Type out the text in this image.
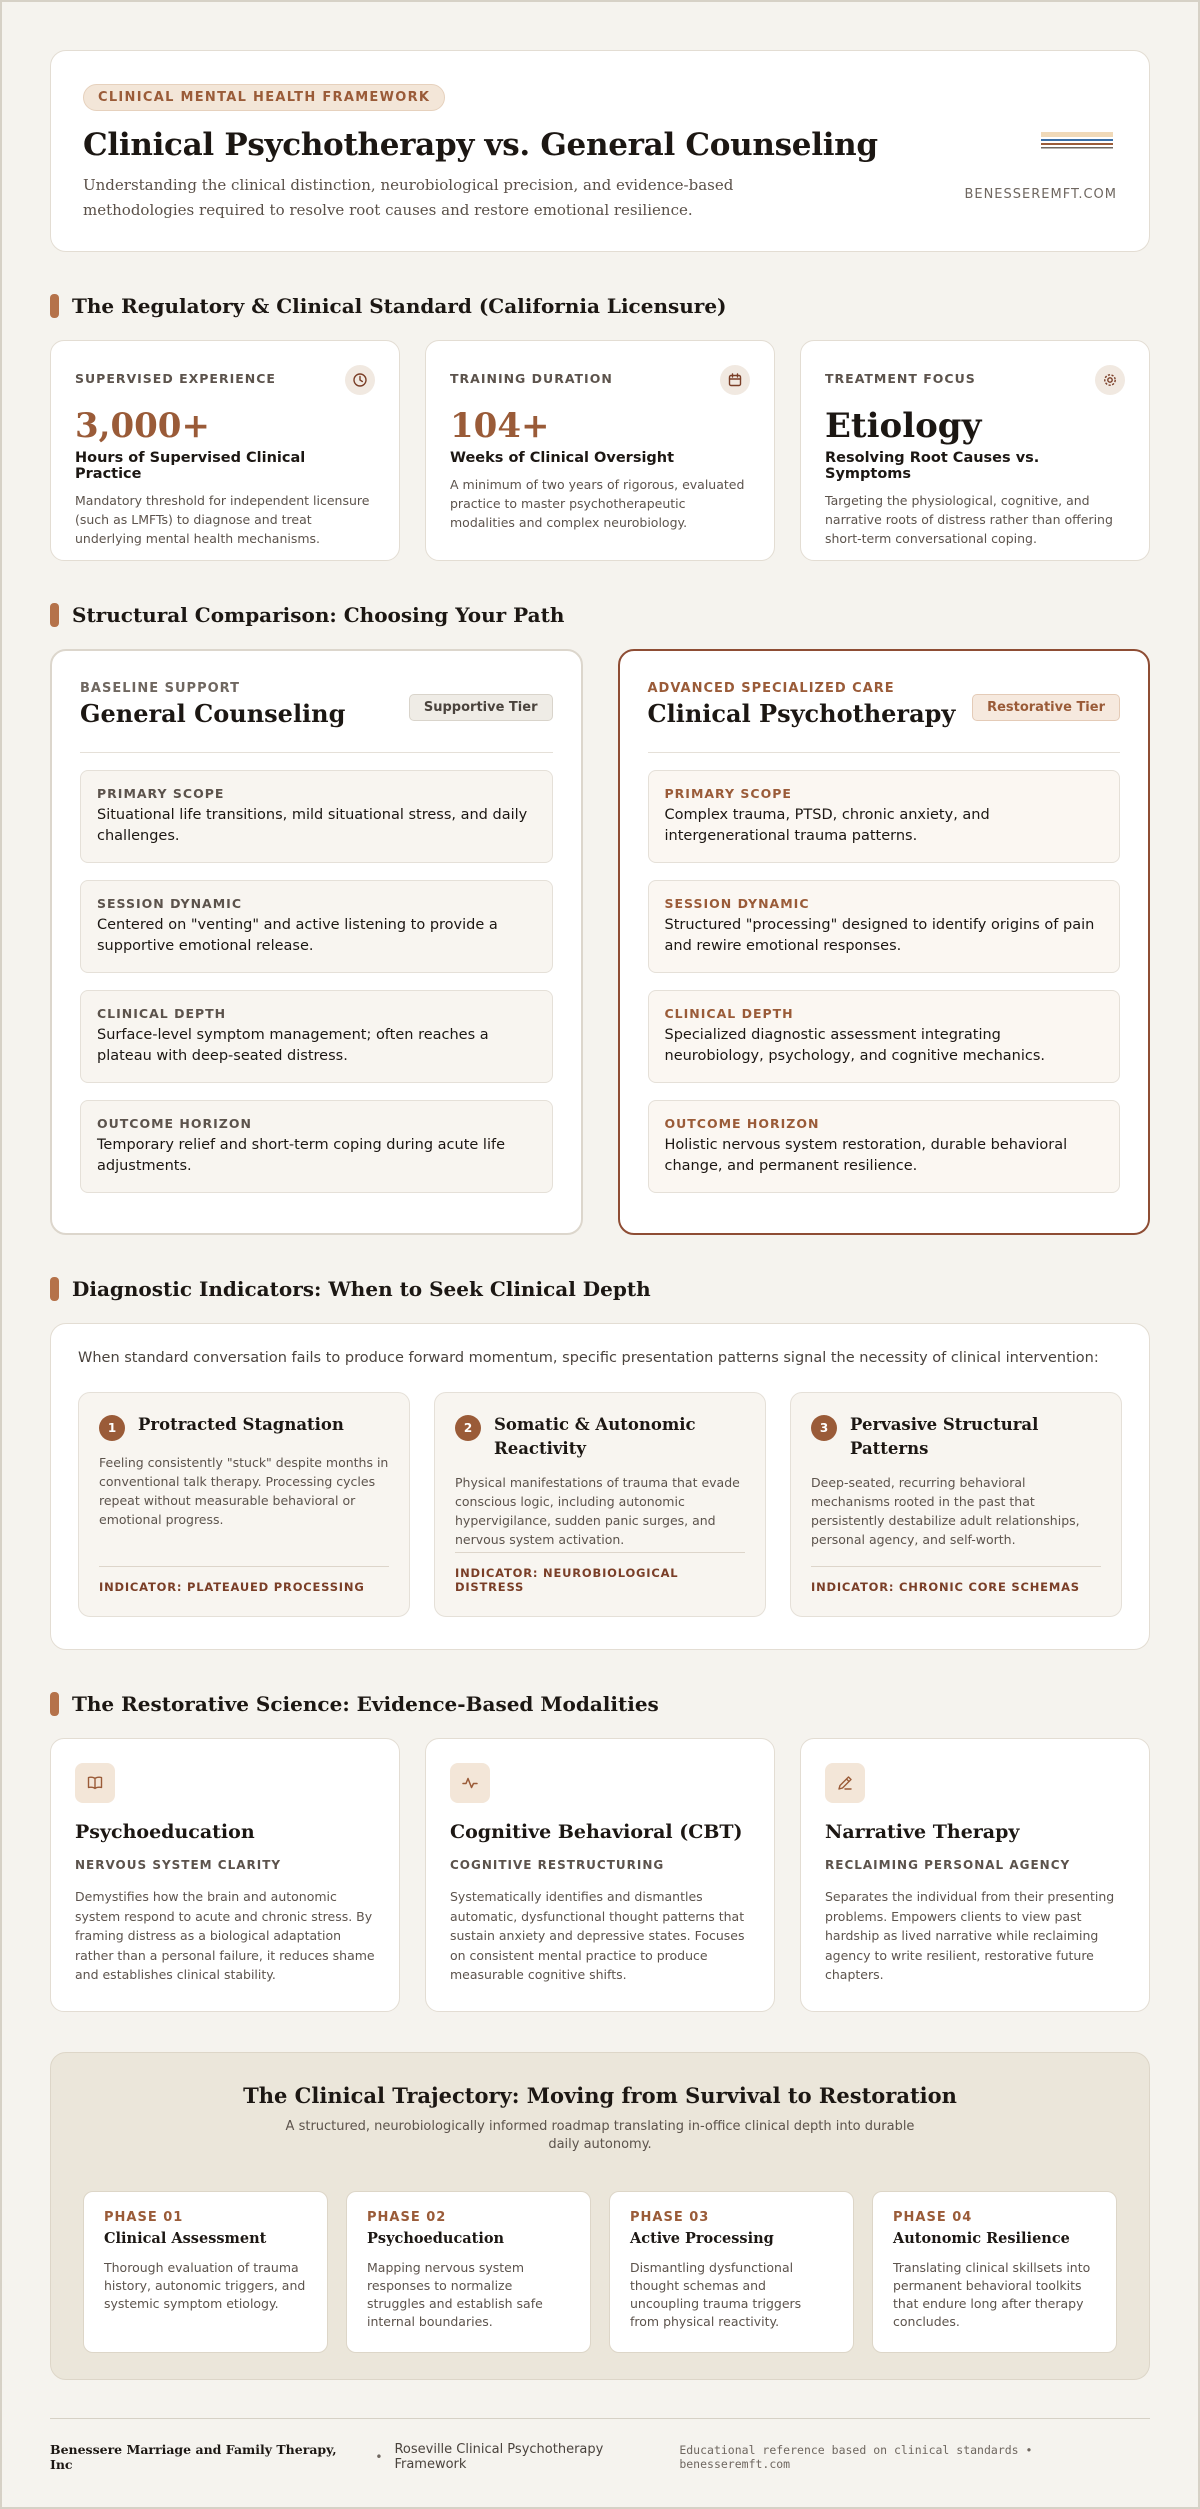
CLINICAL MENTAL HEALTH FRAMEWORK
Clinical Psychotherapy vs. General Counseling

Understanding the clinical distinction, neurobiological precision, and evidence-based methodologies required to resolve root causes and restore emotional resilience.

BENESSEREMFT.COM
The Regulatory & Clinical Standard (California Licensure)
SUPERVISED EXPERIENCE
3,000+
Hours of Supervised Clinical Practice
Mandatory threshold for independent licensure (such as LMFTs) to diagnose and treat underlying mental health mechanisms.
TRAINING DURATION
104+
Weeks of Clinical Oversight
A minimum of two years of rigorous, evaluated practice to master psychotherapeutic modalities and complex neurobiology.
TREATMENT FOCUS
Etiology
Resolving Root Causes vs. Symptoms
Targeting the physiological, cognitive, and narrative roots of distress rather than offering short-term conversational coping.
Structural Comparison: Choosing Your Path
BASELINE SUPPORT
General Counseling	Supportive Tier
PRIMARY SCOPE
Situational life transitions, mild situational stress, and daily challenges.
SESSION DYNAMIC
Centered on "venting" and active listening to provide a supportive emotional release.
CLINICAL DEPTH
Surface-level symptom management; often reaches a plateau with deep-seated distress.
OUTCOME HORIZON
Temporary relief and short-term coping during acute life adjustments.
ADVANCED SPECIALIZED CARE
Clinical Psychotherapy	Restorative Tier
PRIMARY SCOPE
Complex trauma, PTSD, chronic anxiety, and intergenerational trauma patterns.
SESSION DYNAMIC
Structured "processing" designed to identify origins of pain and rewire emotional responses.
CLINICAL DEPTH
Specialized diagnostic assessment integrating neurobiology, psychology, and cognitive mechanics.
OUTCOME HORIZON
Holistic nervous system restoration, durable behavioral change, and permanent resilience.
Diagnostic Indicators: When to Seek Clinical Depth
When standard conversation fails to produce forward momentum, specific presentation patterns signal the necessity of clinical intervention:
1	Protracted Stagnation
Feeling consistently "stuck" despite months in conventional talk therapy. Processing cycles repeat without measurable behavioral or emotional progress.
INDICATOR: PLATEAUED PROCESSING
2	Somatic & Autonomic Reactivity
Physical manifestations of trauma that evade conscious logic, including autonomic hypervigilance, sudden panic surges, and nervous system activation.
INDICATOR: NEUROBIOLOGICAL DISTRESS
3	Pervasive Structural Patterns
Deep-seated, recurring behavioral mechanisms rooted in the past that persistently destabilize adult relationships, personal agency, and self-worth.
INDICATOR: CHRONIC CORE SCHEMAS
The Restorative Science: Evidence-Based Modalities
Psychoeducation
NERVOUS SYSTEM CLARITY
Demystifies how the brain and autonomic system respond to acute and chronic stress. By framing distress as a biological adaptation rather than a personal failure, it reduces shame and establishes clinical stability.
Cognitive Behavioral (CBT)
COGNITIVE RESTRUCTURING
Systematically identifies and dismantles automatic, dysfunctional thought patterns that sustain anxiety and depressive states. Focuses on consistent mental practice to produce measurable cognitive shifts.
Narrative Therapy
RECLAIMING PERSONAL AGENCY
Separates the individual from their presenting problems. Empowers clients to view past hardship as lived narrative while reclaiming agency to write resilient, restorative future chapters.
The Clinical Trajectory: Moving from Survival to Restoration
A structured, neurobiologically informed roadmap translating in-office clinical depth into durable daily autonomy.
PHASE 01
Clinical Assessment
Thorough evaluation of trauma history, autonomic triggers, and systemic symptom etiology.
PHASE 02
Psychoeducation
Mapping nervous system responses to normalize struggles and establish safe internal boundaries.
PHASE 03
Active Processing
Dismantling dysfunctional thought schemas and uncoupling trauma triggers from physical reactivity.
PHASE 04
Autonomic Resilience
Translating clinical skillsets into permanent behavioral toolkits that endure long after therapy concludes.
Benessere Marriage and Family Therapy, Inc	• Roseville Clinical Psychotherapy Framework
Educational reference based on clinical standards • benesseremft.com
